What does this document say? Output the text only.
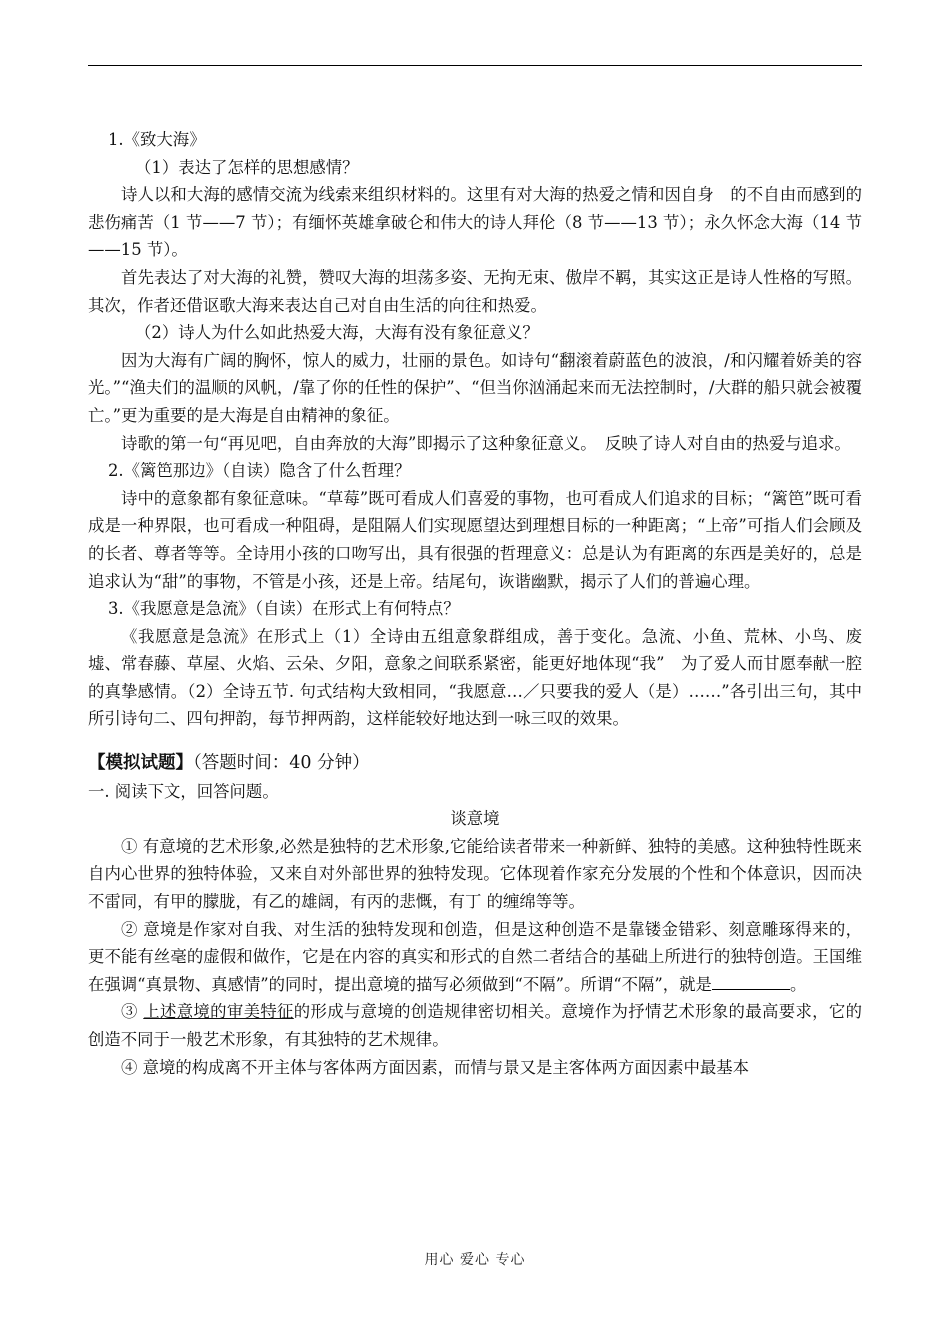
1.《致大海》

（1）表达了怎样的思想感情？

诗人以和大海的感情交流为线索来组织材料的。这里有对大海的热爱之情和因自身　的不自由而感到的悲伤痛苦（1 节——7 节）；有缅怀英雄拿破仑和伟大的诗人拜伦（8 节——13 节）；永久怀念大海（14 节——15 节）。

首先表达了对大海的礼赞，赞叹大海的坦荡多姿、无拘无束、傲岸不羁，其实这正是诗人性格的写照。其次，作者还借讴歌大海来表达自己对自由生活的向往和热爱。

（2）诗人为什么如此热爱大海，大海有没有象征意义？

因为大海有广阔的胸怀，惊人的威力，壮丽的景色。如诗句“翻滚着蔚蓝色的波浪，/和闪耀着娇美的容光。”“渔夫们的温顺的风帆，/靠了你的任性的保护”、“但当你汹涌起来而无法控制时，/大群的船只就会被覆亡。”更为重要的是大海是自由精神的象征。

诗歌的第一句“再见吧，自由奔放的大海”即揭示了这种象征意义。　反映了诗人对自由的热爱与追求。

2.《篱笆那边》（自读）隐含了什么哲理？

诗中的意象都有象征意味。“草莓”既可看成人们喜爱的事物，也可看成人们追求的目标；“篱笆”既可看成是一种界限，也可看成一种阻碍，是阻隔人们实现愿望达到理想目标的一种距离；“上帝”可指人们会顾及的长者、尊者等等。全诗用小孩的口吻写出，具有很强的哲理意义：总是认为有距离的东西是美好的，总是追求认为“甜”的事物，不管是小孩，还是上帝。结尾句，诙谐幽默，揭示了人们的普遍心理。

3.《我愿意是急流》（自读）在形式上有何特点？

《我愿意是急流》在形式上（1）全诗由五组意象群组成，善于变化。急流、小鱼、荒林、小鸟、废墟、常春藤、草屋、火焰、云朵、夕阳，意象之间联系紧密，能更好地体现“我”　为了爱人而甘愿奉献一腔的真挚感情。（2）全诗五节. 句式结构大致相同，“我愿意…／只要我的爱人（是）……”各引出三句，其中所引诗句二、四句押韵，每节押两韵，这样能较好地达到一咏三叹的效果。

【模拟试题】（答题时间：40 分钟）

一. 阅读下文，回答问题。

谈意境

① 有意境的艺术形象,必然是独特的艺术形象,它能给读者带来一种新鲜、独特的美感。这种独特性既来自内心世界的独特体验，又来自对外部世界的独特发现。它体现着作家充分发展的个性和个体意识，因而决不雷同，有甲的朦胧，有乙的雄阔，有丙的悲慨，有丁 的缠绵等等。

② 意境是作家对自我、对生活的独特发现和创造，但是这种创造不是靠镂金错彩、刻意雕琢得来的，更不能有丝毫的虚假和做作，它是在内容的真实和形式的自然二者结合的基础上所进行的独特创造。王国维在强调“真景物、真感情”的同时，提出意境的描写必须做到“不隔”。所谓“不隔”，就是	。

③ 上述意境的审美特征的形成与意境的创造规律密切相关。意境作为抒情艺术形象的最高要求，它的创造不同于一般艺术形象，有其独特的艺术规律。

④ 意境的构成离不开主体与客体两方面因素，而情与景又是主客体两方面因素中最基本

用心 爱心 专心
